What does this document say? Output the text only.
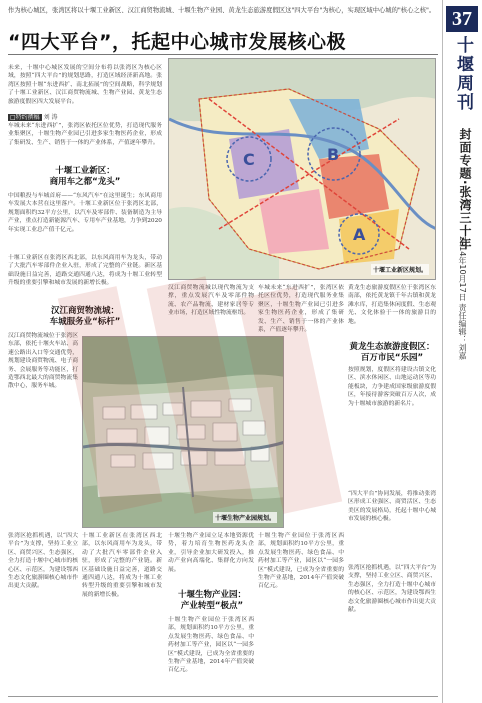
37
十堰周刊
封面专题·张湾三十年
2014年10月17日 责任编辑：刘嘉
作为核心城区，张湾区将以十堰工业新区、汉江商贸物流城、十堰生物产业园、黄龙生态旅游度假区这"四大平台"为核心，实现区域中心城的"核心之核"。
“四大平台”，托起中心城市发展核心极
未来，十堰中心城区发展的空间分布将以张湾区为核心区域，按照“四大平台”的规划思路，打造区域经济新高地。张湾区按照十堰“东进西扩、南北拓展”的空间战略，科学规划了十堰工业新区、汉江商贸物流城、生物产业园、黄龙生态旅游度假区四大发展平台。
□特约撰稿 刘 涛
车城未来“东进西扩”，张湾区依托区位优势，打造现代服务业集聚区，十堰生物产业园已引进多家生物医药企业，形成了集研发、生产、销售于一体的产业体系，产值逐年攀升。
十堰工业新区：
商用车之都“龙头”
中国粮投与车城首府——“东风汽车”在这里诞生；东风商用车发展大本营在这里落户。十堰工业新区位于张湾区北部，规划面积约32平方公里，以汽车及零部件、装备制造为主导产业，重点打造新能源汽车、专用车产业基地，力争到2020年实现工业总产值千亿元。
十堰工业新区在张湾区西北部，以东风商用车为龙头，带动了大批汽车零部件企业入驻，形成了完整的产业链。新区基础设施日益完善，道路交通四通八达，将成为十堰工业转型升级的重要引擎和城市发展的新增长极。
汉江商贸物流城：
车城服务业“标杆”
汉江商贸物流城位于张湾区东部，依托十堰火车站、高速公路出入口等交通优势，规划建设商贸物流、电子商务、会展服务等功能区，打造鄂西北最大的商贸物流集散中心，服务车城。
汉江商贸物流城以现代物流为支撑，重点发展汽车及零部件物流、农产品物流、建材家居等专业市场，打造区域性物流枢纽。
车城未来“东进西扩”，张湾区依托区位优势，打造现代服务业集聚区，十堰生物产业园已引进多家生物医药企业，形成了集研发、生产、销售于一体的产业体系，产值逐年攀升。
黄龙生态旅游度假区位于张湾区东南部，依托黄龙镇千年古镇和黄龙滩水库，打造集休闲度假、生态观光、文化体验于一体的旅游目的地。
黄龙生态旅游度假区：
百万市民“乐园”
按照规划，度假区将建设古镇文化区、滨水休闲区、山地运动区等功能板块，力争建成国家级旅游度假区，年接待游客突破百万人次，成为十堰城市旅游的新名片。
“四大平台”协同发展，将推动张湾区形成工业强区、商贸活区、生态美区的发展格局，托起十堰中心城市发展的核心极。
张湾区抢抓机遇，以“四大平台”为支撑，坚持工业立区、商贸兴区、生态强区，全力打造十堰中心城市的核心区、示范区，为建设鄂西生态文化旅游圈核心城市作出更大贡献。
张湾区抢抓机遇，以“四大平台”为支撑，坚持工业立区、商贸兴区、生态强区，全力打造十堰中心城市的核心区、示范区，为建设鄂西生态文化旅游圈核心城市作出更大贡献。
十堰工业新区在张湾区西北部，以东风商用车为龙头，带动了大批汽车零部件企业入驻，形成了完整的产业链。新区基础设施日益完善，道路交通四通八达，将成为十堰工业转型升级的重要引擎和城市发展的新增长极。
十堰生物产业园立足本地资源优势，着力培育生物医药龙头企业，引导企业加大研发投入，推动产业向高端化、集群化方向发展。
十堰生物产业园：
产业转型“极点”
十堰生物产业园位于张湾区西部，规划面积约10平方公里，重点发展生物医药、绿色食品、中药材加工等产业，园区以“一园多区”模式建设，已成为全省重要的生物产业基地，2014年产值突破百亿元。
十堰生物产业园位于张湾区西部，规划面积约10平方公里，重点发展生物医药、绿色食品、中药材加工等产业，园区以“一园多区”模式建设，已成为全省重要的生物产业基地，2014年产值突破百亿元。
C	B
A
十堰工业新区规划。
十堰生物产业园规划。
